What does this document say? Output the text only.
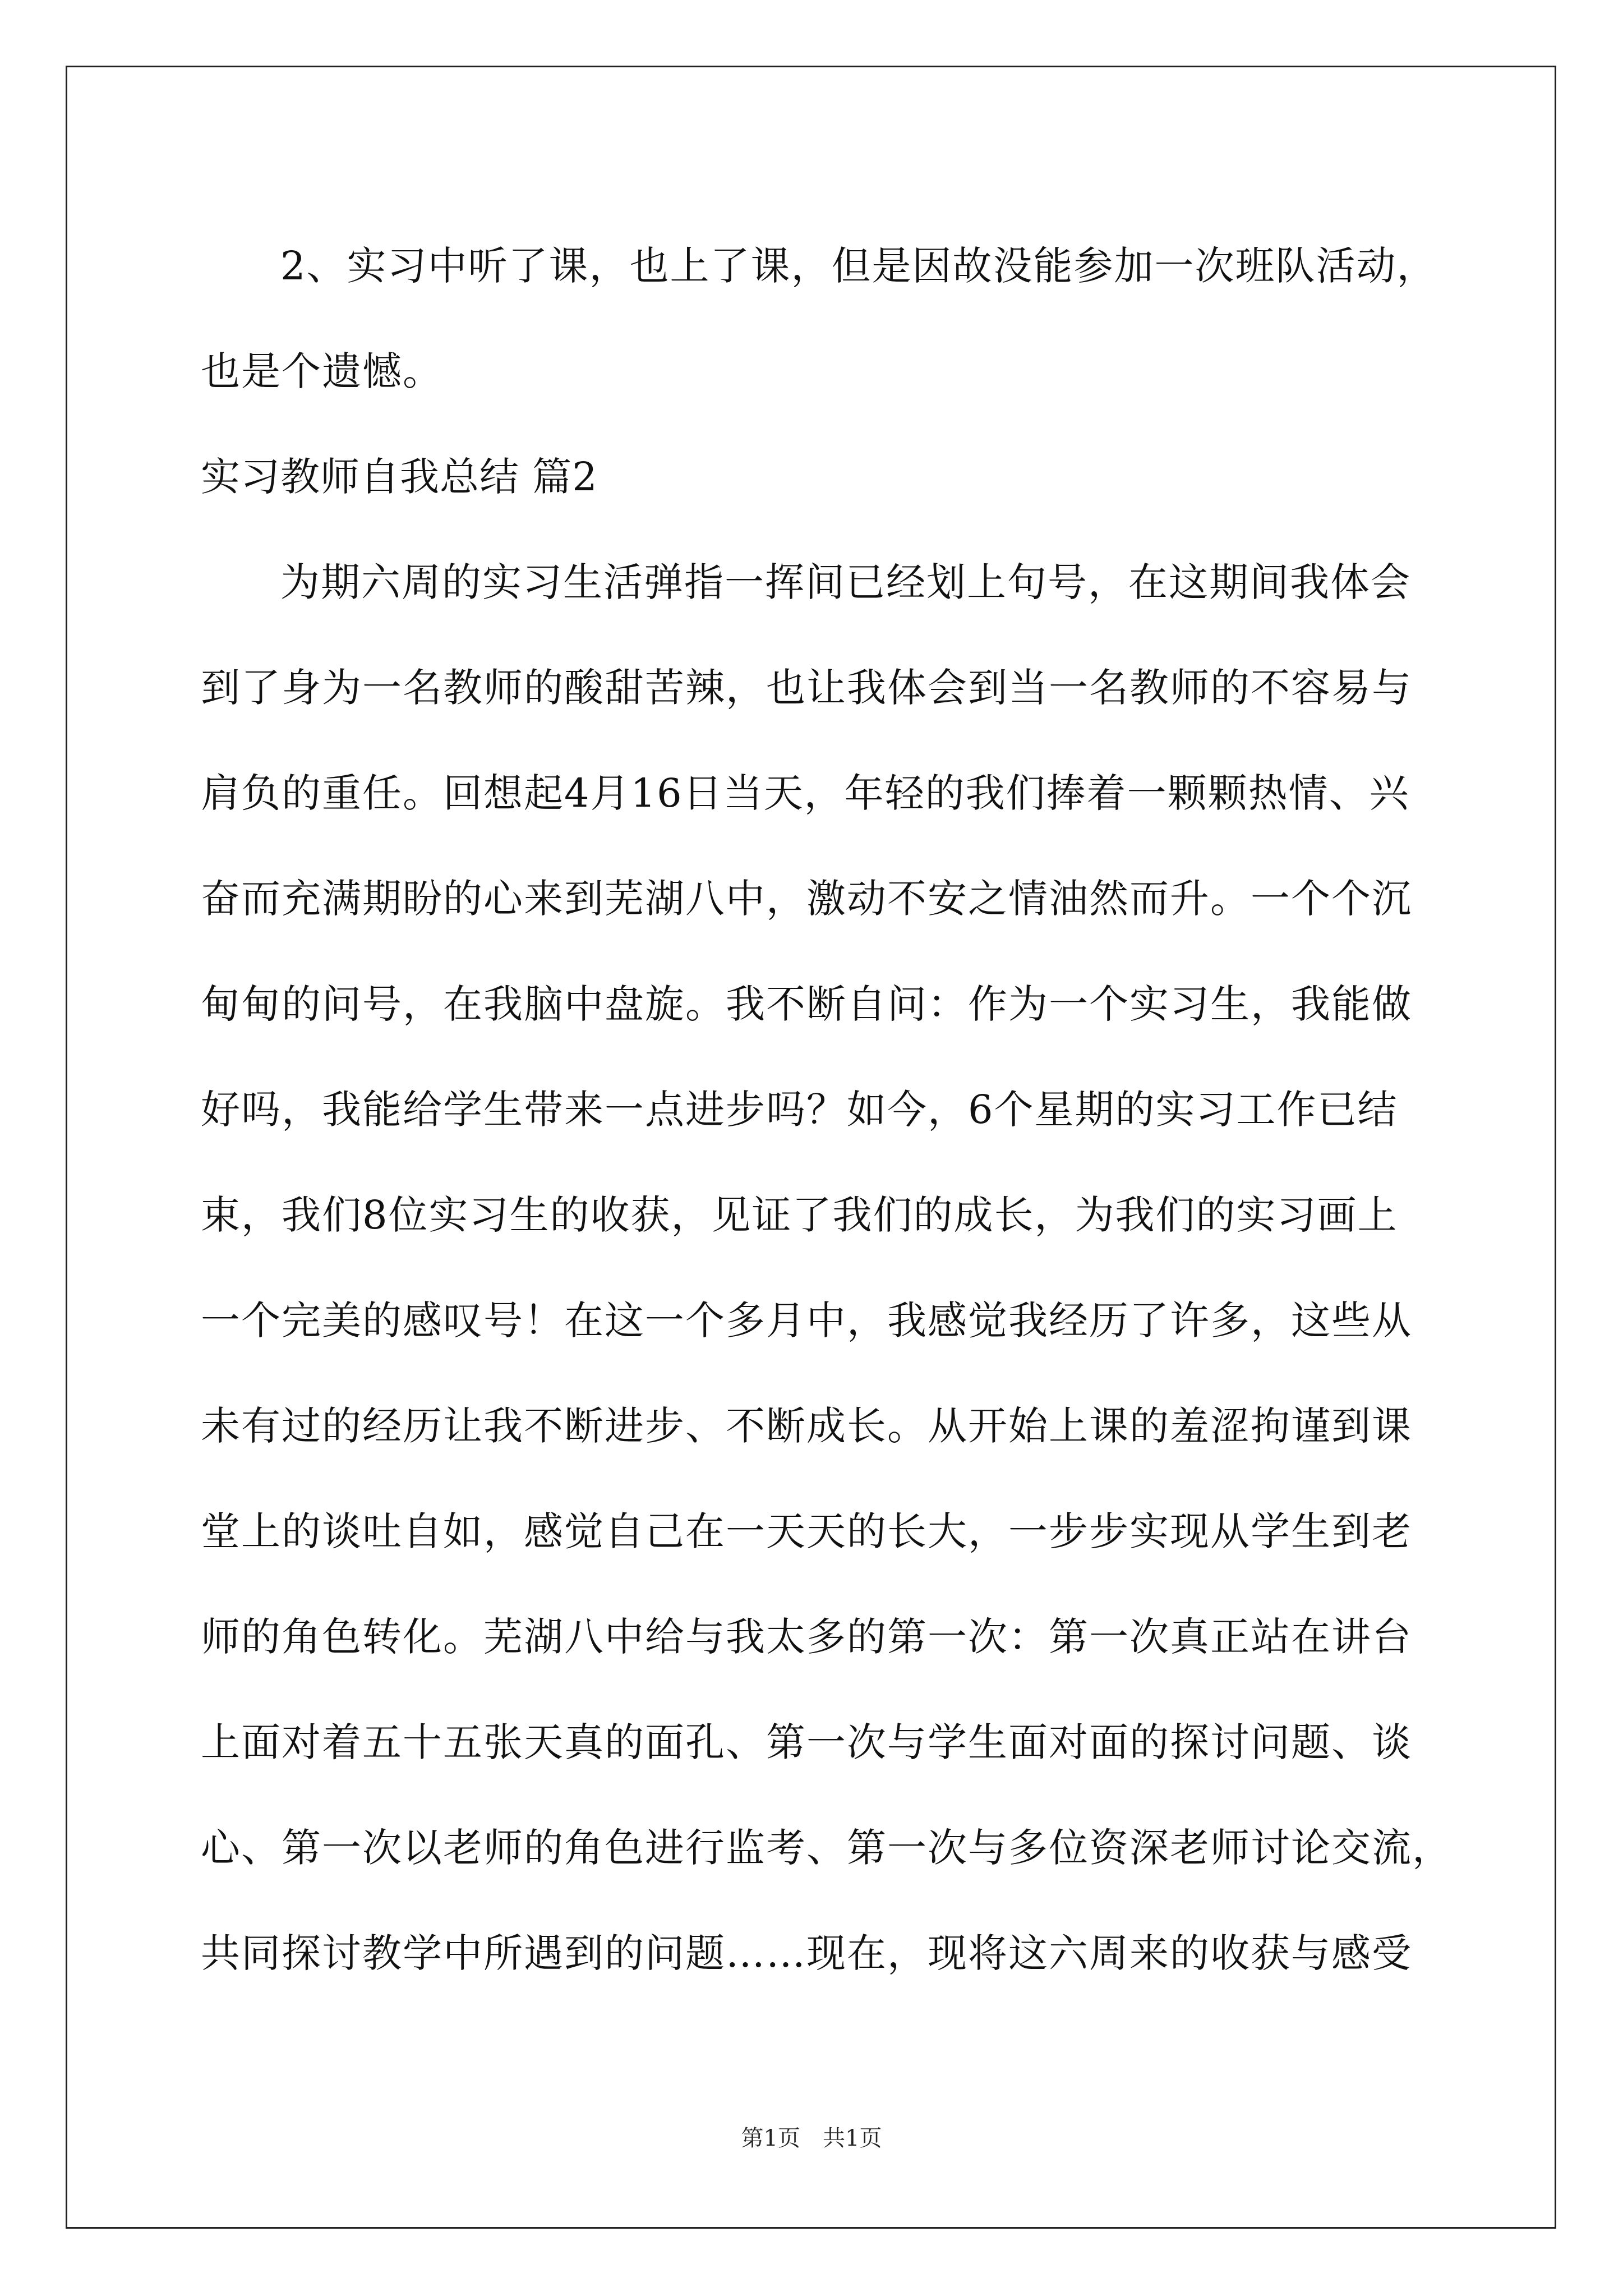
2、实习中听了课，也上了课，但是因故没能参加一次班队活动，
也是个遗憾。
实习教师自我总结 篇2
为期六周的实习生活弹指一挥间已经划上句号，在这期间我体会
到了身为一名教师的酸甜苦辣，也让我体会到当一名教师的不容易与
肩负的重任。回想起4月16日当天，年轻的我们捧着一颗颗热情、兴
奋而充满期盼的心来到芜湖八中，激动不安之情油然而升。一个个沉
甸甸的问号，在我脑中盘旋。我不断自问：作为一个实习生，我能做
好吗，我能给学生带来一点进步吗？如今，6个星期的实习工作已结
束，我们8位实习生的收获，见证了我们的成长，为我们的实习画上
一个完美的感叹号！在这一个多月中，我感觉我经历了许多，这些从
未有过的经历让我不断进步、不断成长。从开始上课的羞涩拘谨到课
堂上的谈吐自如，感觉自己在一天天的长大，一步步实现从学生到老
师的角色转化。芜湖八中给与我太多的第一次：第一次真正站在讲台
上面对着五十五张天真的面孔、第一次与学生面对面的探讨问题、谈
心、第一次以老师的角色进行监考、第一次与多位资深老师讨论交流，
共同探讨教学中所遇到的问题……现在，现将这六周来的收获与感受
第1页　共1页
